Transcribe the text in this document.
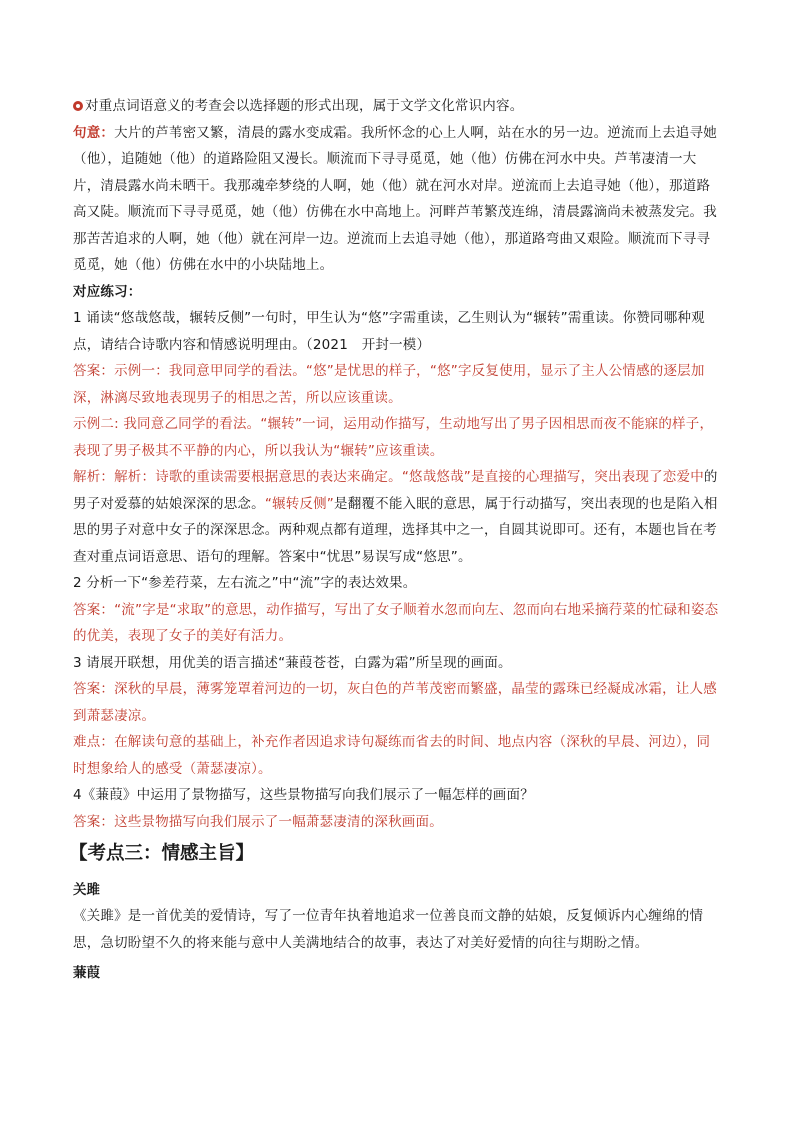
对重点词语意义的考查会以选择题的形式出现，属于文学文化常识内容。

句意：大片的芦苇密又繁，清晨的露水变成霜。我所怀念的心上人啊，站在水的另一边。逆流而上去追寻她（他），追随她（他）的道路险阻又漫长。顺流而下寻寻觅觅，她（他）仿佛在河水中央。芦苇凄清一大片，清晨露水尚未晒干。我那魂牵梦绕的人啊，她（他）就在河水对岸。逆流而上去追寻她（他），那道路高又陡。顺流而下寻寻觅觅，她（他）仿佛在水中高地上。河畔芦苇繁茂连绵，清晨露滴尚未被蒸发完。我那苦苦追求的人啊，她（他）就在河岸一边。逆流而上去追寻她（他），那道路弯曲又艰险。顺流而下寻寻觅觅，她（他）仿佛在水中的小块陆地上。

对应练习：

1 诵读“悠哉悠哉，辗转反侧”一句时，甲生认为“悠”字需重读，乙生则认为“辗转”需重读。你赞同哪种观点，请结合诗歌内容和情感说明理由。（2021　开封一模）

答案：示例一：我同意甲同学的看法。“悠”是忧思的样子，“悠”字反复使用，显示了主人公情感的逐层加深，淋漓尽致地表现男子的相思之苦，所以应该重读。

示例二: 我同意乙同学的看法。“辗转”一词，运用动作描写，生动地写出了男子因相思而夜不能寐的样子，表现了男子极其不平静的内心，所以我认为“辗转”应该重读。

解析：解析：诗歌的重读需要根据意思的表达来确定。“悠哉悠哉”是直接的心理描写，突出表现了恋爱中的男子对爱慕的姑娘深深的思念。“辗转反侧”是翻覆不能入眠的意思，属于行动描写，突出表现的也是陷入相思的男子对意中女子的深深思念。两种观点都有道理，选择其中之一，自圆其说即可。还有，本题也旨在考查对重点词语意思、语句的理解。答案中“忧思”易误写成“悠思”。

2 分析一下“参差荇菜，左右流之”中“流”字的表达效果。

答案：“流”字是“求取”的意思，动作描写，写出了女子顺着水忽而向左、忽而向右地采摘荇菜的忙碌和姿态的优美，表现了女子的美好有活力。

3 请展开联想，用优美的语言描述“蒹葭苍苍，白露为霜”所呈现的画面。

答案：深秋的早晨，薄雾笼罩着河边的一切，灰白色的芦苇茂密而繁盛，晶莹的露珠已经凝成冰霜，让人感到萧瑟凄凉。

难点：在解读句意的基础上，补充作者因追求诗句凝练而省去的时间、地点内容（深秋的早晨、河边），同时想象给人的感受（萧瑟凄凉）。

4《蒹葭》中运用了景物描写，这些景物描写向我们展示了一幅怎样的画面？

答案：这些景物描写向我们展示了一幅萧瑟凄清的深秋画面。

【考点三：情感主旨】

关雎

《关雎》是一首优美的爱情诗，写了一位青年执着地追求一位善良而文静的姑娘，反复倾诉内心缠绵的情思，急切盼望不久的将来能与意中人美满地结合的故事，表达了对美好爱情的向往与期盼之情。

蒹葭
